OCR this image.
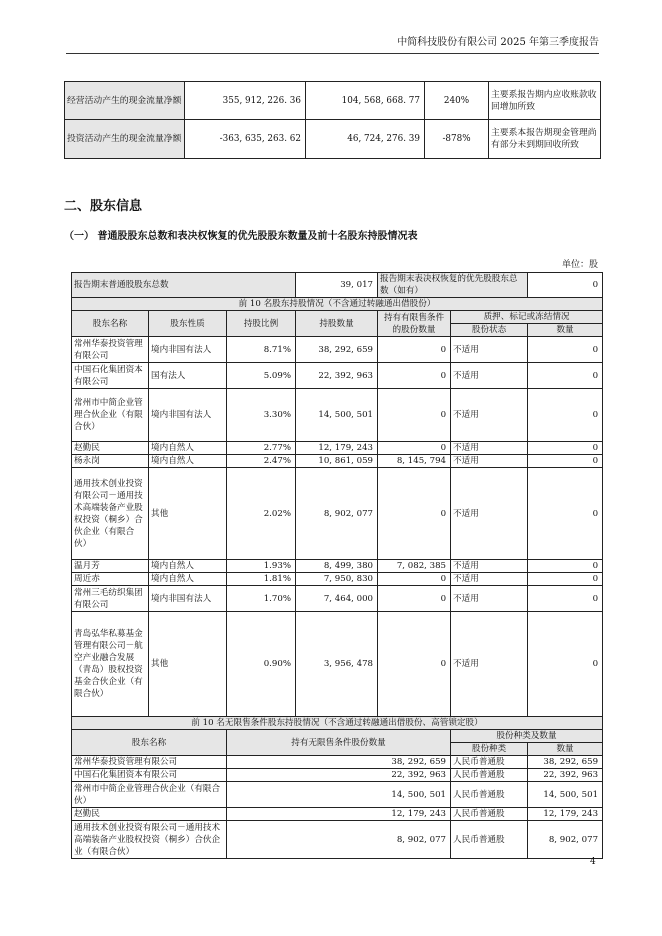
中简科技股份有限公司 2025 年第三季度报告
经营活动产生的现金流量净额	355, 912, 226. 36	104, 568, 668. 77	240%	主要系报告期内应收账款收回增加所致
投资活动产生的现金流量净额	-363, 635, 263. 62	46, 724, 276. 39	-878%	主要系本报告期现金管理尚有部分未到期回收所致
二、股东信息
（一） 普通股股东总数和表决权恢复的优先股股东数量及前十名股东持股情况表
单位：股
报告期末普通股股东总数			39, 017	报告期末表决权恢复的优先股股东总数（如有）		0
前 10 名股东持股情况（不含通过转融通出借股份）						
股东名称	股东性质	持股比例	持股数量	持有有限售条件的股份数量	质押、标记或冻结情况	
					股份状态	数量
常州华泰投资管理有限公司	境内非国有法人	8.71%	38, 292, 659	0	不适用	0
中国石化集团资本有限公司	国有法人	5.09%	22, 392, 963	0	不适用	0
常州市中简企业管理合伙企业（有限合伙）	境内非国有法人	3.30%	14, 500, 501	0	不适用	0
赵勤民	境内自然人	2.77%	12, 179, 243	0	不适用	0
杨永岗	境内自然人	2.47%	10, 861, 059	8, 145, 794	不适用	0
通用技术创业投资有限公司－通用技术高端装备产业股权投资（桐乡）合伙企业（有限合伙）	其他	2.02%	8, 902, 077	0	不适用	0
温月芳	境内自然人	1.93%	8, 499, 380	7, 082, 385	不适用	0
周近赤	境内自然人	1.81%	7, 950, 830	0	不适用	0
常州三毛纺织集团有限公司	境内非国有法人	1.70%	7, 464, 000	0	不适用	0
青岛弘华私募基金管理有限公司－航空产业融合发展（青岛）股权投资基金合伙企业（有限合伙）	其他	0.90%	3, 956, 478	0	不适用	0
前 10 名无限售条件股东持股情况（不含通过转融通出借股份、高管锁定股）						
股东名称		持有无限售条件股份数量			股份种类及数量	
					股份种类	数量
常州华泰投资管理有限公司		38, 292, 659			人民币普通股	38, 292, 659
中国石化集团资本有限公司		22, 392, 963			人民币普通股	22, 392, 963
常州市中简企业管理合伙企业（有限合伙）		14, 500, 501			人民币普通股	14, 500, 501
赵勤民		12, 179, 243			人民币普通股	12, 179, 243
通用技术创业投资有限公司－通用技术高端装备产业股权投资（桐乡）合伙企业（有限合伙）		8, 902, 077			人民币普通股	8, 902, 077
4
